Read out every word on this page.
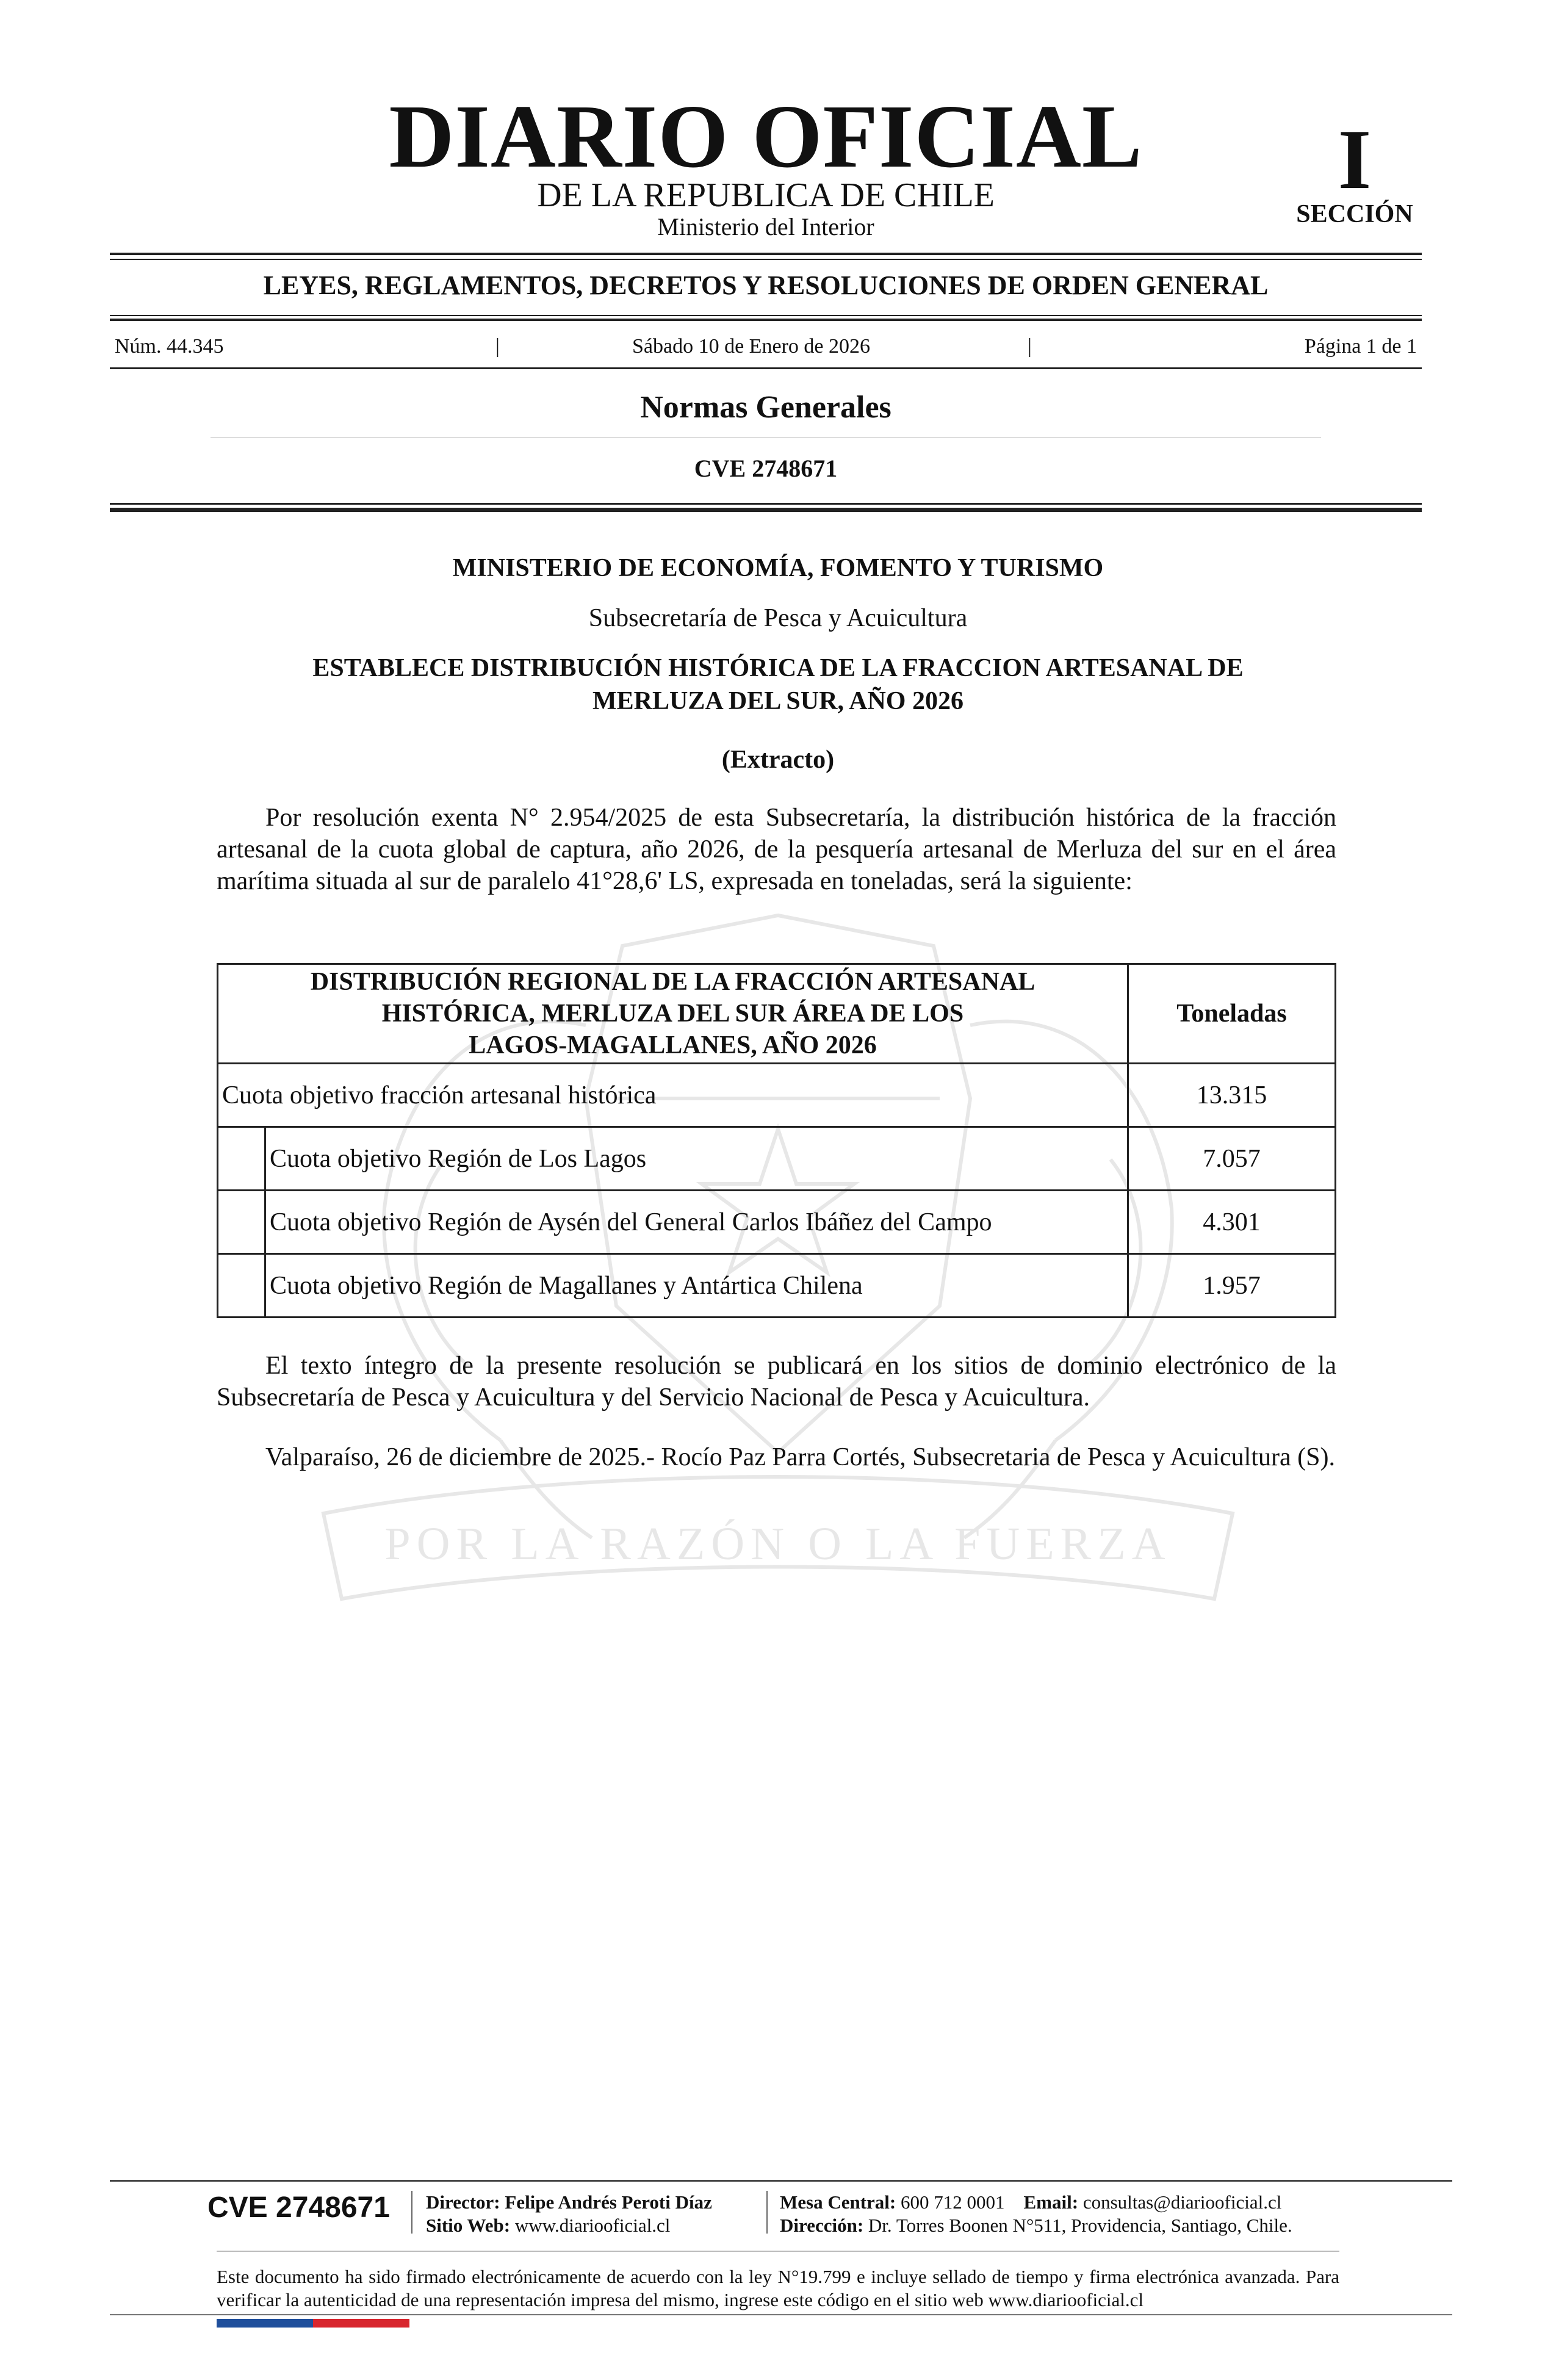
POR LA RAZÓN O LA FUERZA
DIARIO OFICIAL
DE LA REPUBLICA DE CHILE
Ministerio del Interior
I
SECCIÓN
LEYES, REGLAMENTOS, DECRETOS Y RESOLUCIONES DE ORDEN GENERAL
Núm. 44.345	|	Sábado 10 de Enero de 2026	|	Página 1 de 1
Normas Generales
CVE 2748671
MINISTERIO DE ECONOMÍA, FOMENTO Y TURISMO
Subsecretaría de Pesca y Acuicultura
ESTABLECE DISTRIBUCIÓN HISTÓRICA DE LA FRACCION ARTESANAL DE
MERLUZA DEL SUR, AÑO 2026
(Extracto)

Por resolución exenta N° 2.954/2025 de esta Subsecretaría, la distribución histórica de la fracción artesanal de la cuota global de captura, año 2026, de la pesquería artesanal de Merluza del sur en el área marítima situada al sur de paralelo 41°28,6' LS, expresada en toneladas, será la siguiente:

DISTRIBUCIÓN REGIONAL DE LA FRACCIÓN ARTESANAL
HISTÓRICA, MERLUZA DEL SUR ÁREA DE LOS
LAGOS-MAGALLANES, AÑO 2026		Toneladas
Cuota objetivo fracción artesanal histórica		13.315
	Cuota objetivo Región de Los Lagos	7.057
	Cuota objetivo Región de Aysén del General Carlos Ibáñez del Campo	4.301
	Cuota objetivo Región de Magallanes y Antártica Chilena	1.957

El texto íntegro de la presente resolución se publicará en los sitios de dominio electrónico de la Subsecretaría de Pesca y Acuicultura y del Servicio Nacional de Pesca y Acuicultura.

Valparaíso, 26 de diciembre de 2025.- Rocío Paz Parra Cortés, Subsecretaria de Pesca y Acuicultura (S).

CVE 2748671 Director: Felipe Andrés Peroti Díaz
Sitio Web: www.diariooficial.cl
Mesa Central: 600 712 0001 Email: consultas@diariooficial.cl
Dirección: Dr. Torres Boonen N°511, Providencia, Santiago, Chile.
Este documento ha sido firmado electrónicamente de acuerdo con la ley N°19.799 e incluye sellado de tiempo y firma electrónica avanzada. Para verificar la autenticidad de una representación impresa del mismo, ingrese este código en el sitio web www.diariooficial.cl
